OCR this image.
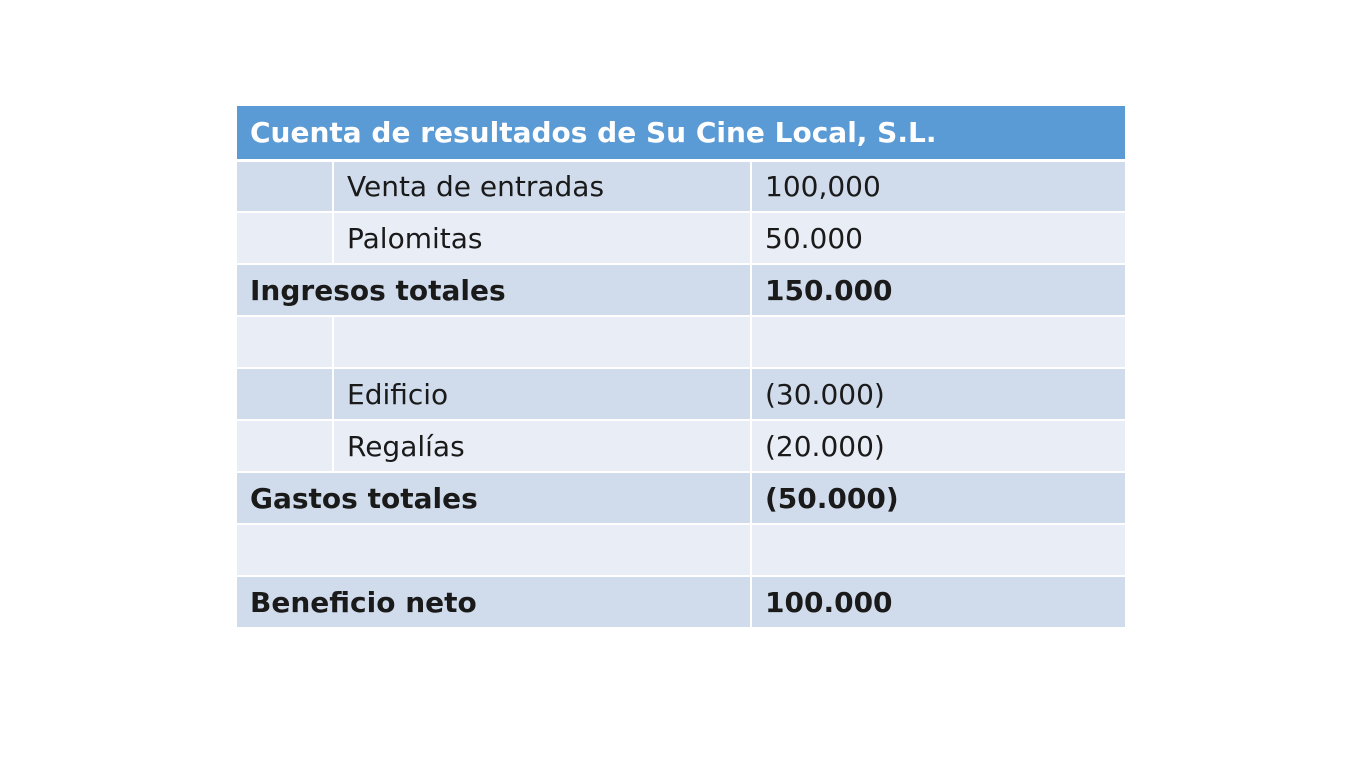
Cuenta de resultados de Su Cine Local, S.L.		
	Venta de entradas	100,000
	Palomitas	50.000
Ingresos totales		150.000

	Edificio	(30.000)
	Regalías	(20.000)
Gastos totales		(50.000)

Beneficio neto		100.000
